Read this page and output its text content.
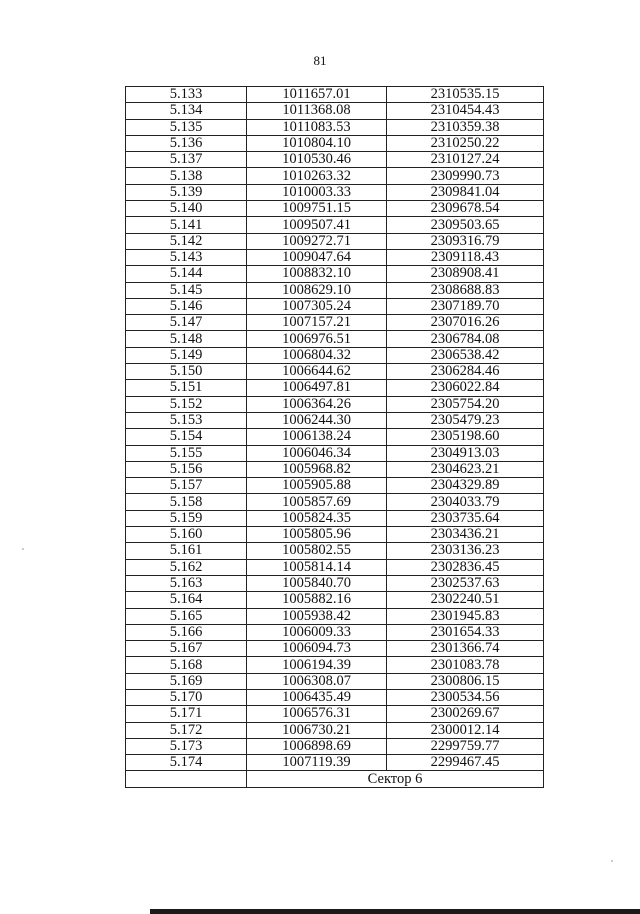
81
5.133	1011657.01	2310535.15
5.134	1011368.08	2310454.43
5.135	1011083.53	2310359.38
5.136	1010804.10	2310250.22
5.137	1010530.46	2310127.24
5.138	1010263.32	2309990.73
5.139	1010003.33	2309841.04
5.140	1009751.15	2309678.54
5.141	1009507.41	2309503.65
5.142	1009272.71	2309316.79
5.143	1009047.64	2309118.43
5.144	1008832.10	2308908.41
5.145	1008629.10	2308688.83
5.146	1007305.24	2307189.70
5.147	1007157.21	2307016.26
5.148	1006976.51	2306784.08
5.149	1006804.32	2306538.42
5.150	1006644.62	2306284.46
5.151	1006497.81	2306022.84
5.152	1006364.26	2305754.20
5.153	1006244.30	2305479.23
5.154	1006138.24	2305198.60
5.155	1006046.34	2304913.03
5.156	1005968.82	2304623.21
5.157	1005905.88	2304329.89
5.158	1005857.69	2304033.79
5.159	1005824.35	2303735.64
5.160	1005805.96	2303436.21
5.161	1005802.55	2303136.23
5.162	1005814.14	2302836.45
5.163	1005840.70	2302537.63
5.164	1005882.16	2302240.51
5.165	1005938.42	2301945.83
5.166	1006009.33	2301654.33
5.167	1006094.73	2301366.74
5.168	1006194.39	2301083.78
5.169	1006308.07	2300806.15
5.170	1006435.49	2300534.56
5.171	1006576.31	2300269.67
5.172	1006730.21	2300012.14
5.173	1006898.69	2299759.77
5.174	1007119.39	2299467.45
	Сектор 6	
